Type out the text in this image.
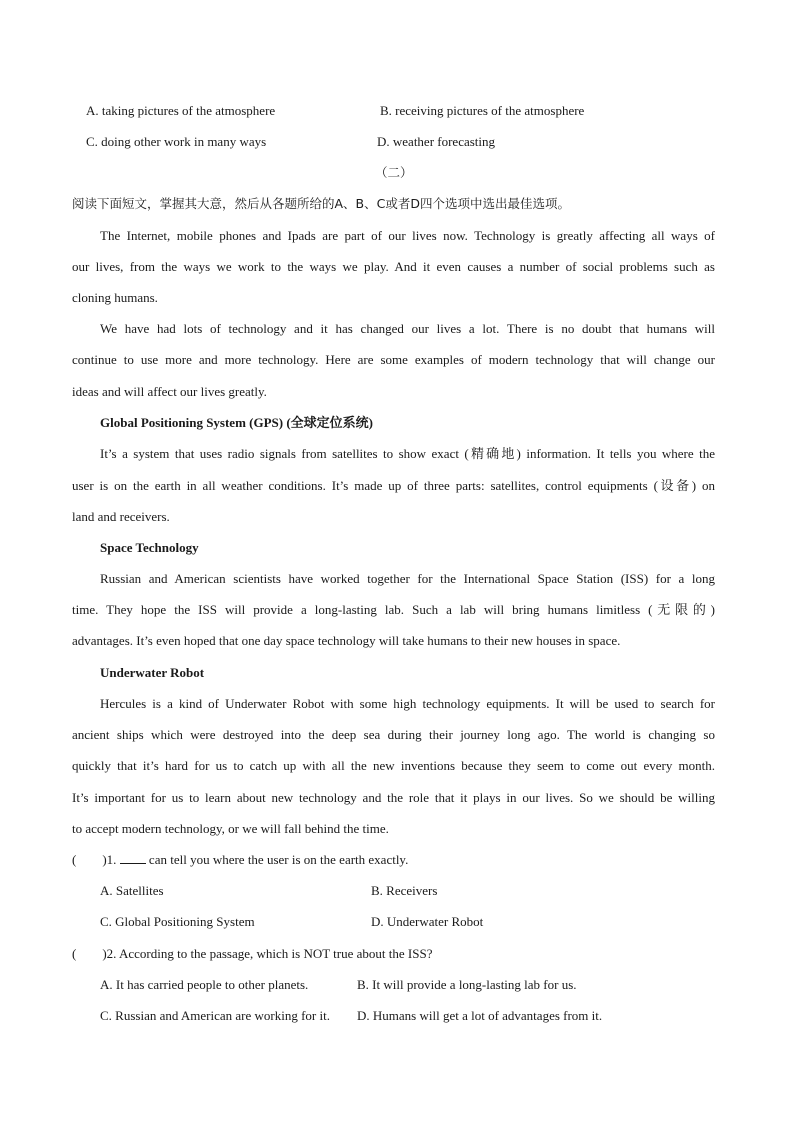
A. taking pictures of the atmosphere	B. receiving pictures of the atmosphere
C. doing other work in many ways	D. weather forecasting
（二）
阅读下面短文，掌握其大意，然后从各题所给的A、B、C或者D四个选项中选出最佳选项。
The Internet, mobile phones and Ipads are part of our lives now. Technology is greatly affecting all ways of
our lives, from the ways we work to the ways we play. And it even causes a number of social problems such as
cloning humans.
We have had lots of technology and it has changed our lives a lot. There is no doubt that humans will
continue to use more and more technology. Here are some examples of modern technology that will change our
ideas and will affect our lives greatly.
Global Positioning System (GPS) (全球定位系统)
It’s a system that uses radio signals from satellites to show exact (精确地) information. It tells you where the
user is on the earth in all weather conditions. It’s made up of three parts: satellites, control equipments (设备) on
land and receivers.
Space Technology
Russian and American scientists have worked together for the International Space Station (ISS) for a long
time. They hope the ISS will provide a long-lasting lab. Such a lab will bring humans limitless (无限的)
advantages. It’s even hoped that one day space technology will take humans to their new houses in space.
Underwater Robot
Hercules is a kind of Underwater Robot with some high technology equipments. It will be used to search for
ancient ships which were destroyed into the deep sea during their journey long ago. The world is changing so
quickly that it’s hard for us to catch up with all the new inventions because they seem to come out every month.
It’s important for us to learn about new technology and the role that it plays in our lives. So we should be willing
to accept modern technology, or we will fall behind the time.
(　　)1.	can tell you where the user is on the earth exactly.
A. Satellites	B. Receivers
C. Global Positioning System	D. Underwater Robot
(　　)2. According to the passage, which is NOT true about the ISS?
A. It has carried people to other planets.	B. It will provide a long-lasting lab for us.
C. Russian and American are working for it. D. Humans will get a lot of advantages from it.
